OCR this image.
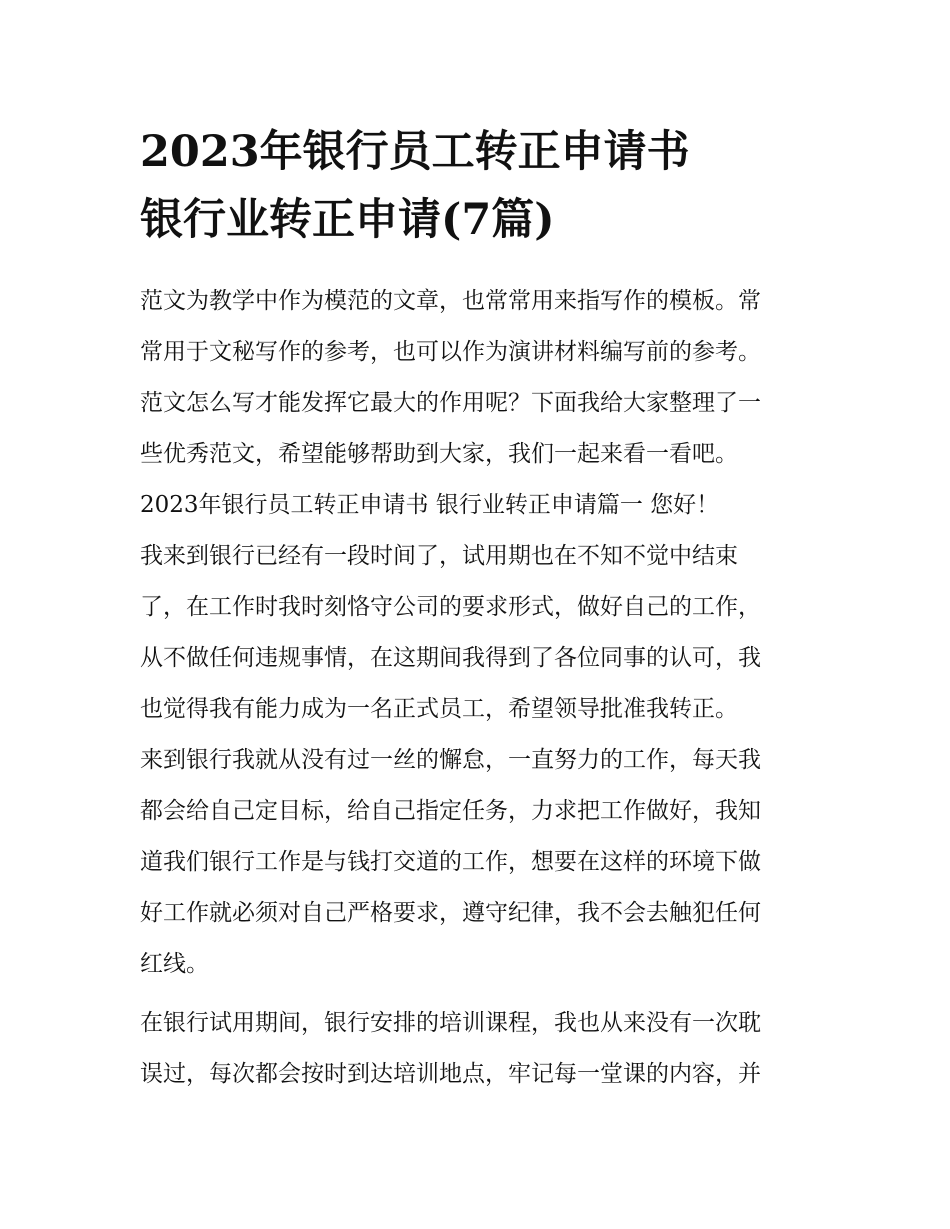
2023年银行员工转正申请书
银行业转正申请(7篇)
范文为教学中作为模范的文章，也常常用来指写作的模板。常
常用于文秘写作的参考，也可以作为演讲材料编写前的参考。
范文怎么写才能发挥它最大的作用呢？下面我给大家整理了一
些优秀范文，希望能够帮助到大家，我们一起来看一看吧。
2023年银行员工转正申请书 银行业转正申请篇一 您好！
我来到银行已经有一段时间了，试用期也在不知不觉中结束
了，在工作时我时刻恪守公司的要求形式，做好自己的工作，
从不做任何违规事情，在这期间我得到了各位同事的认可，我
也觉得我有能力成为一名正式员工，希望领导批准我转正。
来到银行我就从没有过一丝的懈怠，一直努力的工作，每天我
都会给自己定目标，给自己指定任务，力求把工作做好，我知
道我们银行工作是与钱打交道的工作，想要在这样的环境下做
好工作就必须对自己严格要求，遵守纪律，我不会去触犯任何
红线。
在银行试用期间，银行安排的培训课程，我也从来没有一次耽
误过，每次都会按时到达培训地点，牢记每一堂课的内容，并
